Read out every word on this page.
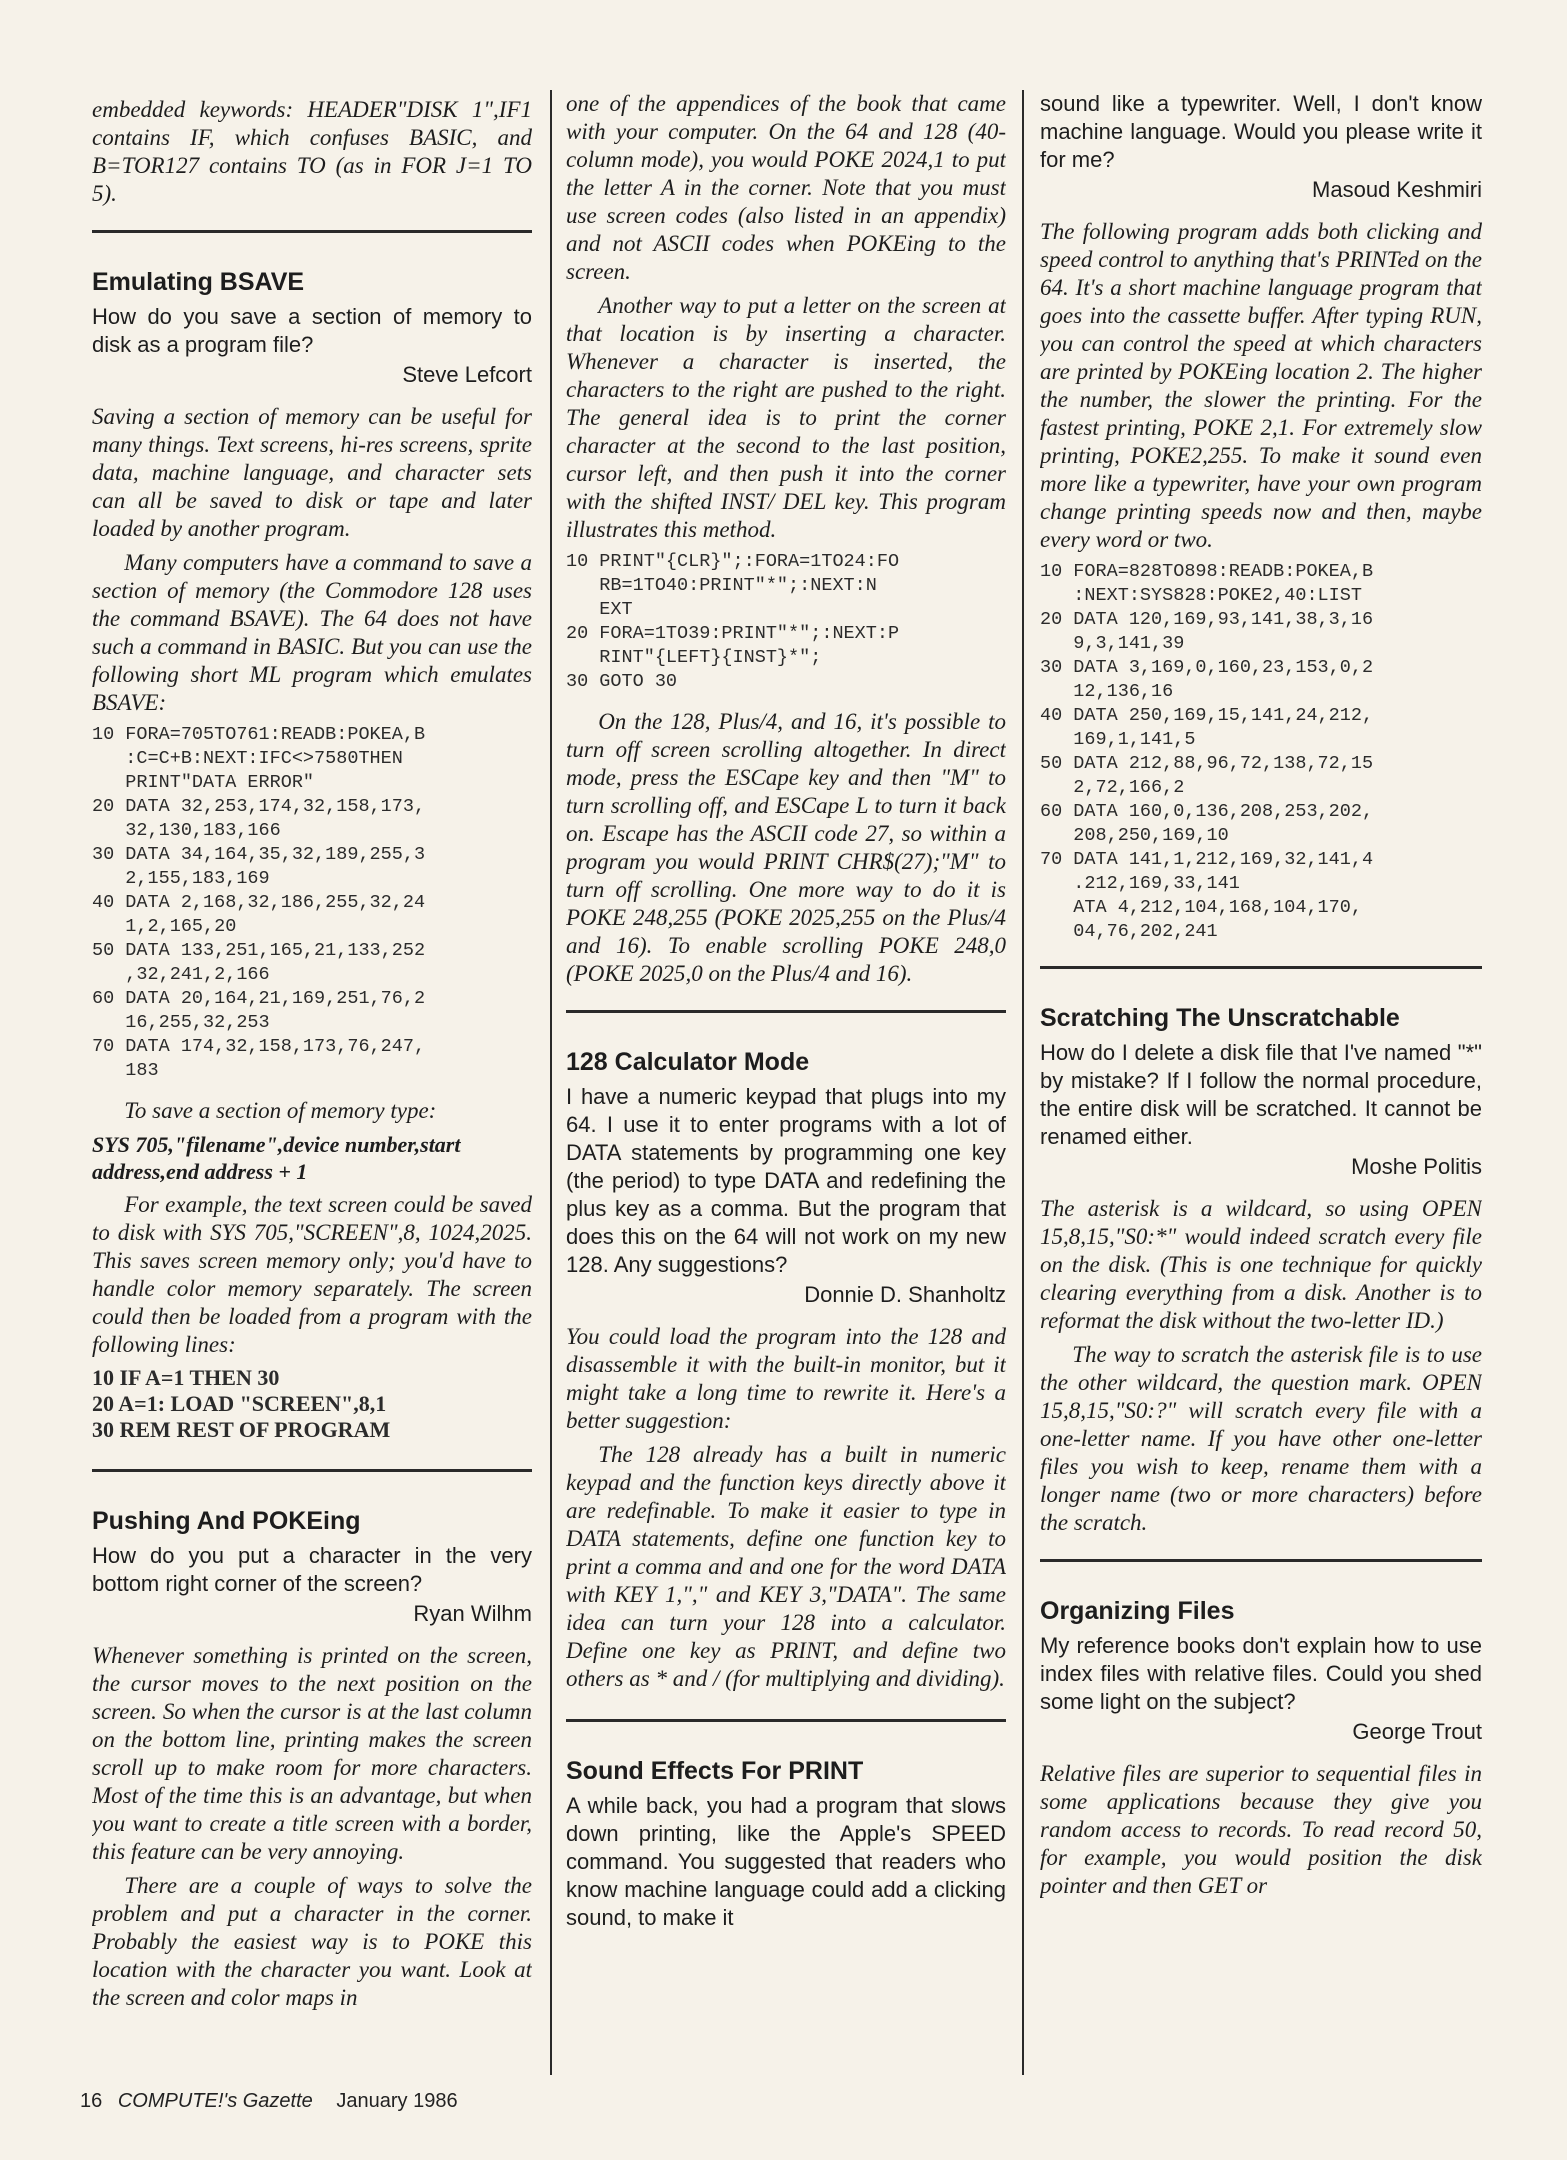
embedded keywords: HEADER"DISK 1",IF1 contains IF, which confuses BASIC, and B=TOR127 contains TO (as in FOR J=1 TO 5).

Emulating BSAVE

How do you save a section of memory to disk as a program file?

Steve Lefcort

Saving a section of memory can be useful for many things. Text screens, hi-res screens, sprite data, machine language, and character sets can all be saved to disk or tape and later loaded by another program.

Many computers have a command to save a section of memory (the Commodore 128 uses the command BSAVE). The 64 does not have such a command in BASIC. But you can use the following short ML program which emulates BSAVE:

10 FORA=705TO761:READB:POKEA,B
:C=C+B:NEXT:IFC<>7580THEN
PRINT"DATA ERROR"
20 DATA 32,253,174,32,158,173,
32,130,183,166
30 DATA 34,164,35,32,189,255,3
2,155,183,169
40 DATA 2,168,32,186,255,32,24
1,2,165,20
50 DATA 133,251,165,21,133,252
,32,241,2,166
60 DATA 20,164,21,169,251,76,2
16,255,32,253
70 DATA 174,32,158,173,76,247,
183

To save a section of memory type:

SYS 705,"filename",device number,start address,end address + 1

For example, the text screen could be saved to disk with SYS 705,"SCREEN",8, 1024,2025. This saves screen memory only; you'd have to handle color memory separately. The screen could then be loaded from a program with the following lines:

10 IF A=1 THEN 30
20 A=1: LOAD "SCREEN",8,1
30 REM REST OF PROGRAM
Pushing And POKEing

How do you put a character in the very bottom right corner of the screen?

Ryan Wilhm

Whenever something is printed on the screen, the cursor moves to the next position on the screen. So when the cursor is at the last column on the bottom line, printing makes the screen scroll up to make room for more characters. Most of the time this is an advantage, but when you want to create a title screen with a border, this feature can be very annoying.

There are a couple of ways to solve the problem and put a character in the corner. Probably the easiest way is to POKE this location with the character you want. Look at the screen and color maps in

one of the appendices of the book that came with your computer. On the 64 and 128 (40-column mode), you would POKE 2024,1 to put the letter A in the corner. Note that you must use screen codes (also listed in an appendix) and not ASCII codes when POKEing to the screen.

Another way to put a letter on the screen at that location is by inserting a character. Whenever a character is inserted, the characters to the right are pushed to the right. The general idea is to print the corner character at the second to the last position, cursor left, and then push it into the corner with the shifted INST/ DEL key. This program illustrates this method.

10 PRINT"{CLR}";:FORA=1TO24:FO
RB=1TO40:PRINT"*";:NEXT:N
EXT
20 FORA=1TO39:PRINT"*";:NEXT:P
RINT"{LEFT}{INST}*";
30 GOTO 30

On the 128, Plus/4, and 16, it's possible to turn off screen scrolling altogether. In direct mode, press the ESCape key and then "M" to turn scrolling off, and ESCape L to turn it back on. Escape has the ASCII code 27, so within a program you would PRINT CHR$(27);"M" to turn off scrolling. One more way to do it is POKE 248,255 (POKE 2025,255 on the Plus/4 and 16). To enable scrolling POKE 248,0 (POKE 2025,0 on the Plus/4 and 16).

128 Calculator Mode

I have a numeric keypad that plugs into my 64. I use it to enter programs with a lot of DATA statements by programming one key (the period) to type DATA and redefining the plus key as a comma. But the program that does this on the 64 will not work on my new 128. Any suggestions?

Donnie D. Shanholtz

You could load the program into the 128 and disassemble it with the built-in monitor, but it might take a long time to rewrite it. Here's a better suggestion:

The 128 already has a built in numeric keypad and the function keys directly above it are redefinable. To make it easier to type in DATA statements, define one function key to print a comma and and one for the word DATA with KEY 1,"," and KEY 3,"DATA". The same idea can turn your 128 into a calculator. Define one key as PRINT, and define two others as * and / (for multiplying and dividing).

Sound Effects For PRINT

A while back, you had a program that slows down printing, like the Apple's SPEED command. You suggested that readers who know machine language could add a clicking sound, to make it

sound like a typewriter. Well, I don't know machine language. Would you please write it for me?

Masoud Keshmiri

The following program adds both clicking and speed control to anything that's PRINTed on the 64. It's a short machine language program that goes into the cassette buffer. After typing RUN, you can control the speed at which characters are printed by POKEing location 2. The higher the number, the slower the printing. For the fastest printing, POKE 2,1. For extremely slow printing, POKE2,255. To make it sound even more like a typewriter, have your own program change printing speeds now and then, maybe every word or two.

10 FORA=828TO898:READB:POKEA,B
:NEXT:SYS828:POKE2,40:LIST
20 DATA 120,169,93,141,38,3,16
9,3,141,39
30 DATA 3,169,0,160,23,153,0,2
12,136,16
40 DATA 250,169,15,141,24,212,
169,1,141,5
50 DATA 212,88,96,72,138,72,15
2,72,166,2
60 DATA 160,0,136,208,253,202,
208,250,169,10
70 DATA 141,1,212,169,32,141,4
.212,169,33,141
ATA 4,212,104,168,104,170,
04,76,202,241
Scratching The Unscratchable

How do I delete a disk file that I've named "*" by mistake? If I follow the normal procedure, the entire disk will be scratched. It cannot be renamed either.

Moshe Politis

The asterisk is a wildcard, so using OPEN 15,8,15,"S0:*" would indeed scratch every file on the disk. (This is one technique for quickly clearing everything from a disk. Another is to reformat the disk without the two-letter ID.)

The way to scratch the asterisk file is to use the other wildcard, the question mark. OPEN 15,8,15,"S0:?" will scratch every file with a one-letter name. If you have other one-letter files you wish to keep, rename them with a longer name (two or more characters) before the scratch.

Organizing Files

My reference books don't explain how to use index files with relative files. Could you shed some light on the subject?

George Trout

Relative files are superior to sequential files in some applications because they give you random access to records. To read record 50, for example, you would position the disk pointer and then GET or

16 COMPUTE!'s Gazette January 1986
